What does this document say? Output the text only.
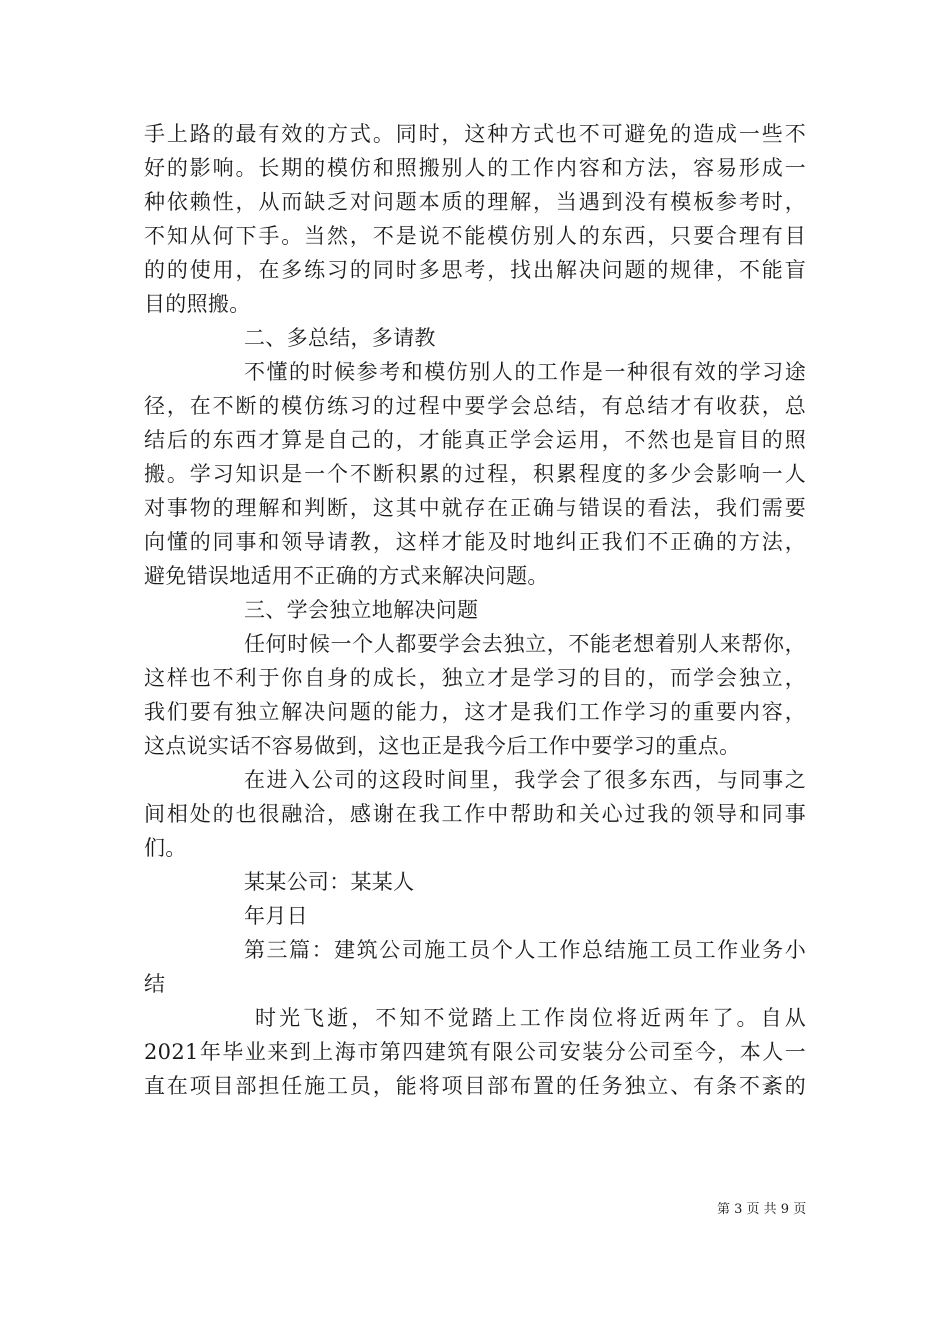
手上路的最有效的方式。同时，这种方式也不可避免的造成一些不
好的影响。长期的模仿和照搬别人的工作内容和方法，容易形成一
种依赖性，从而缺乏对问题本质的理解，当遇到没有模板参考时，
不知从何下手。当然，不是说不能模仿别人的东西，只要合理有目
的的使用，在多练习的同时多思考，找出解决问题的规律，不能盲
目的照搬。
二、多总结，多请教
不懂的时候参考和模仿别人的工作是一种很有效的学习途
径，在不断的模仿练习的过程中要学会总结，有总结才有收获，总
结后的东西才算是自己的，才能真正学会运用，不然也是盲目的照
搬。学习知识是一个不断积累的过程，积累程度的多少会影响一人
对事物的理解和判断，这其中就存在正确与错误的看法，我们需要
向懂的同事和领导请教，这样才能及时地纠正我们不正确的方法，
避免错误地适用不正确的方式来解决问题。
三、学会独立地解决问题
任何时候一个人都要学会去独立，不能老想着别人来帮你，
这样也不利于你自身的成长，独立才是学习的目的，而学会独立，
我们要有独立解决问题的能力，这才是我们工作学习的重要内容，
这点说实话不容易做到，这也正是我今后工作中要学习的重点。
在进入公司的这段时间里，我学会了很多东西，与同事之
间相处的也很融洽，感谢在我工作中帮助和关心过我的领导和同事
们。
某某公司：某某人
年月日
第三篇：建筑公司施工员个人工作总结施工员工作业务小
结
时光飞逝，不知不觉踏上工作岗位将近两年了。自从
2021年毕业来到上海市第四建筑有限公司安装分公司至今，本人一
直在项目部担任施工员，能将项目部布置的任务独立、有条不紊的
第 3 页 共 9 页
